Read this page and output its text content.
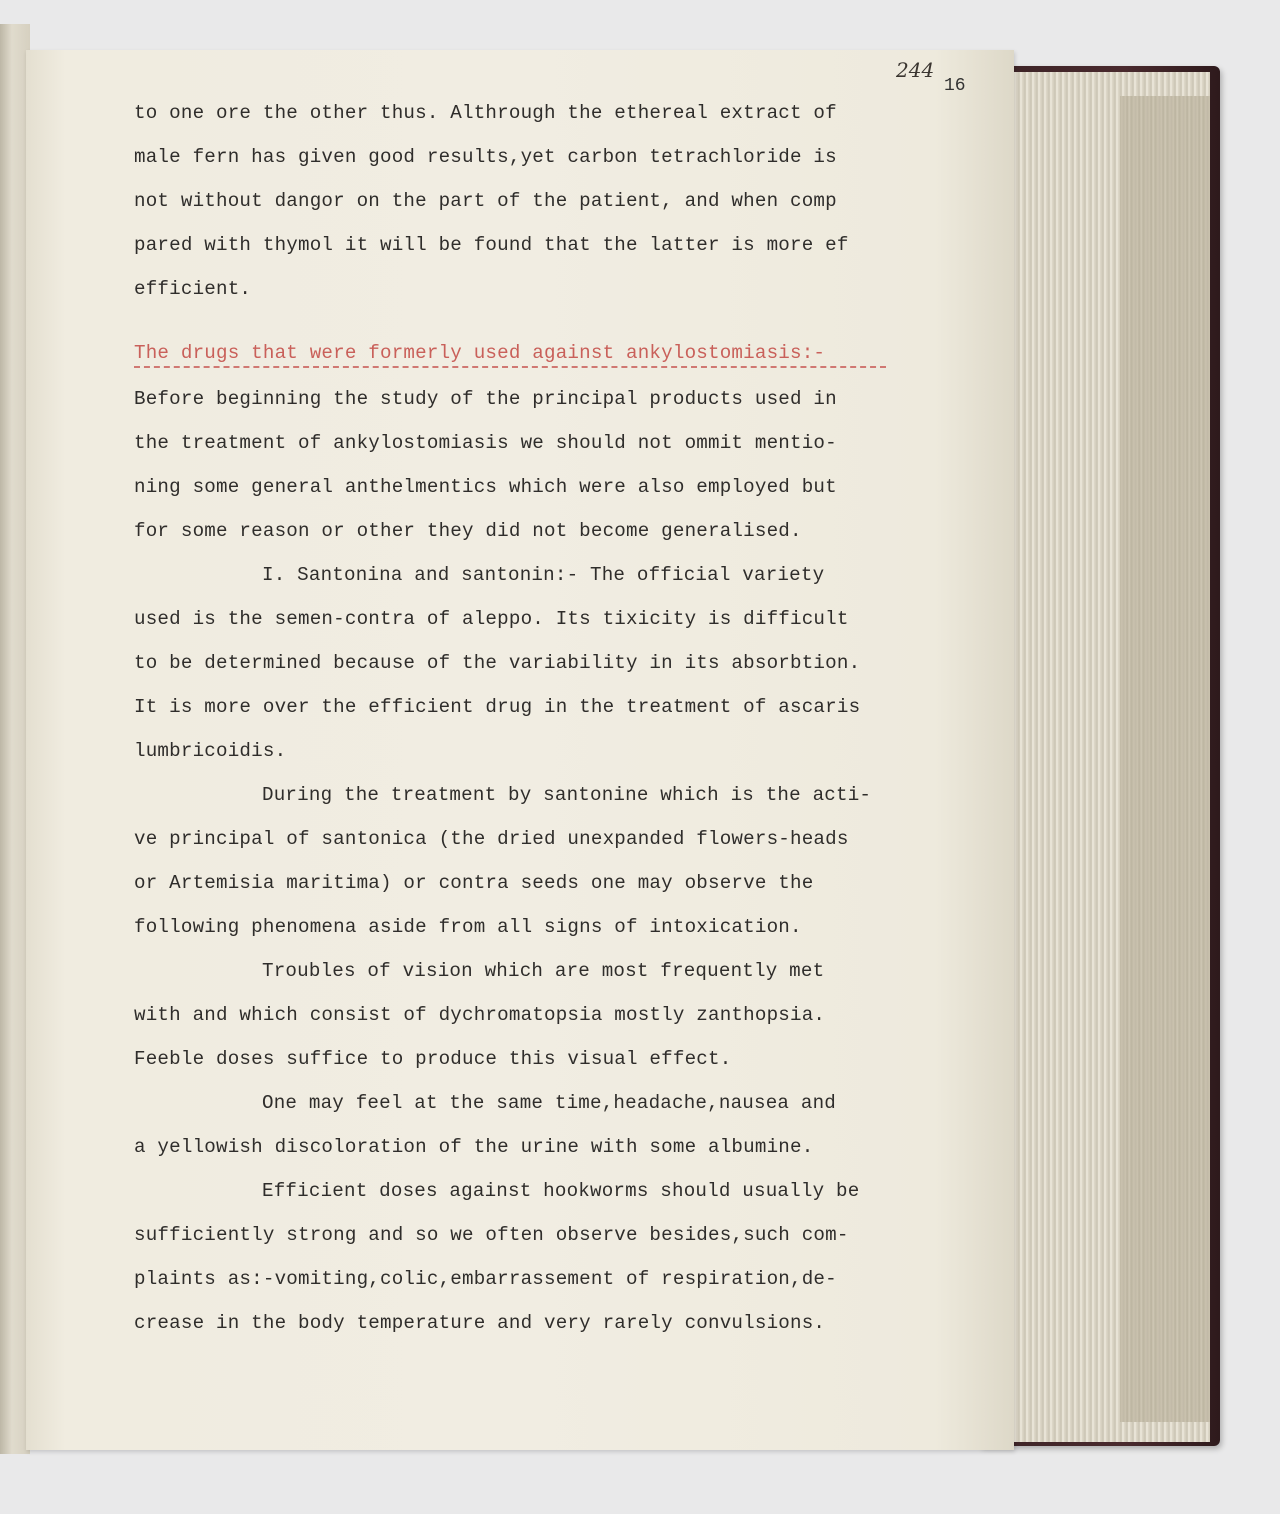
244
16
to one ore the other thus. Althrough the ethereal extract of
male fern has given good results,yet carbon tetrachloride is
not without dangor on the part of the patient, and when comp
pared with thymol it will be found that the latter is more ef
efficient.
The drugs that were formerly used against ankylostomiasis:-
Before beginning the study of the principal products used in
the treatment of ankylostomiasis we should not ommit mentio-
ning some general anthelmentics which were also employed but
for some reason or other they did not become generalised.
I. Santonina and santonin:- The official variety
used is the semen-contra of aleppo. Its tixicity is difficult
to be determined because of the variability in its absorbtion.
It is more over the efficient drug in the treatment of ascaris
lumbricoidis.
During the treatment by santonine which is the acti-
ve principal of santonica (the dried unexpanded flowers-heads
or Artemisia maritima) or contra seeds one may observe the
following phenomena aside from all signs of intoxication.
Troubles of vision which are most frequently met
with and which consist of dychromatopsia mostly zanthopsia.
Feeble doses suffice to produce this visual effect.
One may feel at the same time,headache,nausea and
a yellowish discoloration of the urine with some albumine.
Efficient doses against hookworms should usually be
sufficiently strong and so we often observe besides,such com-
plaints as:-vomiting,colic,embarrassement of respiration,de-
crease in the body temperature and very rarely convulsions.
